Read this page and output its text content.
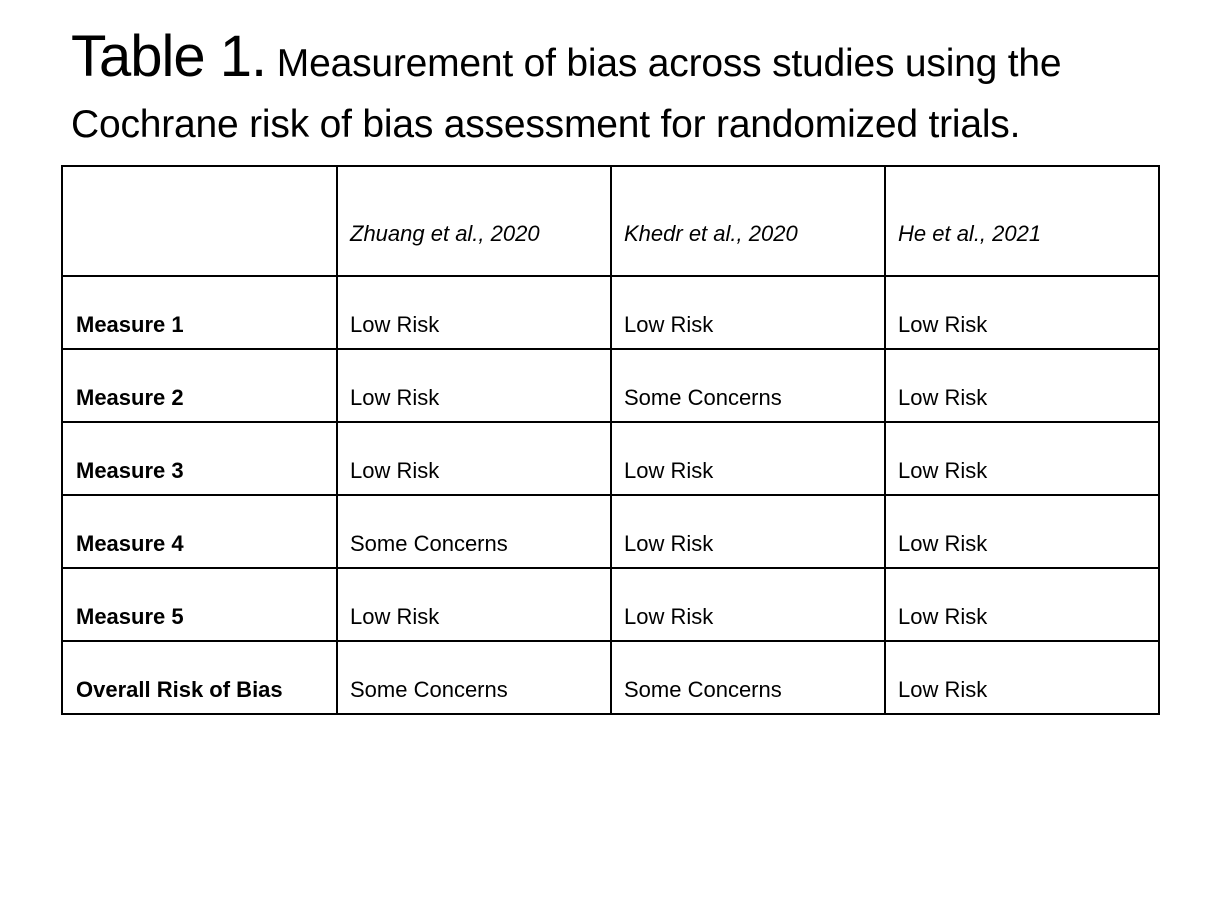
Table 1. Measurement of bias across studies using the Cochrane risk of bias assessment for randomized trials.
	Zhuang et al., 2020	Khedr et al., 2020	He et al., 2021
Measure 1	Low Risk	Low Risk	Low Risk
Measure 2	Low Risk	Some Concerns	Low Risk
Measure 3	Low Risk	Low Risk	Low Risk
Measure 4	Some Concerns	Low Risk	Low Risk
Measure 5	Low Risk	Low Risk	Low Risk
Overall Risk of Bias	Some Concerns	Some Concerns	Low Risk
